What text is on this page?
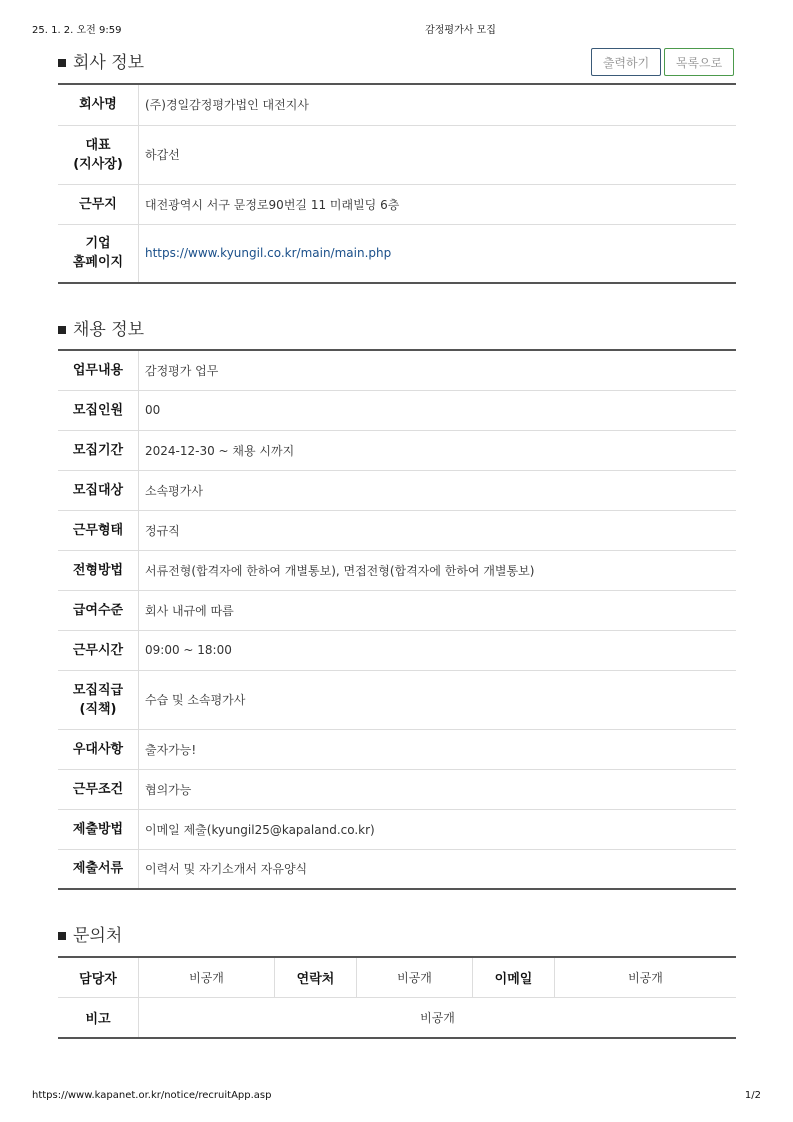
25. 1. 2. 오전 9:59	감정평가사 모집
회사 정보	출력하기	목록으로
회사명	(주)경일감정평가법인 대전지사
대표
(지사장)	하갑선
근무지	대전광역시 서구 문정로90번길 11 미래빌딩 6층
기업
홈페이지	https://www.kyungil.co.kr/main/main.php
채용 정보
업무내용	감정평가 업무
모집인원	00
모집기간	2024-12-30 ~ 채용 시까지
모집대상	소속평가사
근무형태	정규직
전형방법	서류전형(합격자에 한하여 개별통보), 면접전형(합격자에 한하여 개별통보)
급여수준	회사 내규에 따름
근무시간	09:00 ~ 18:00
모집직급
(직책)	수습 및 소속평가사
우대사항	출자가능!
근무조건	협의가능
제출방법	이메일 제출(kyungil25@kapaland.co.kr)
제출서류	이력서 및 자기소개서 자유양식
문의처
담당자	비공개	연락처	비공개	이메일	비공개
비고	비공개				
https://www.kapanet.or.kr/notice/recruitApp.asp	1/2
